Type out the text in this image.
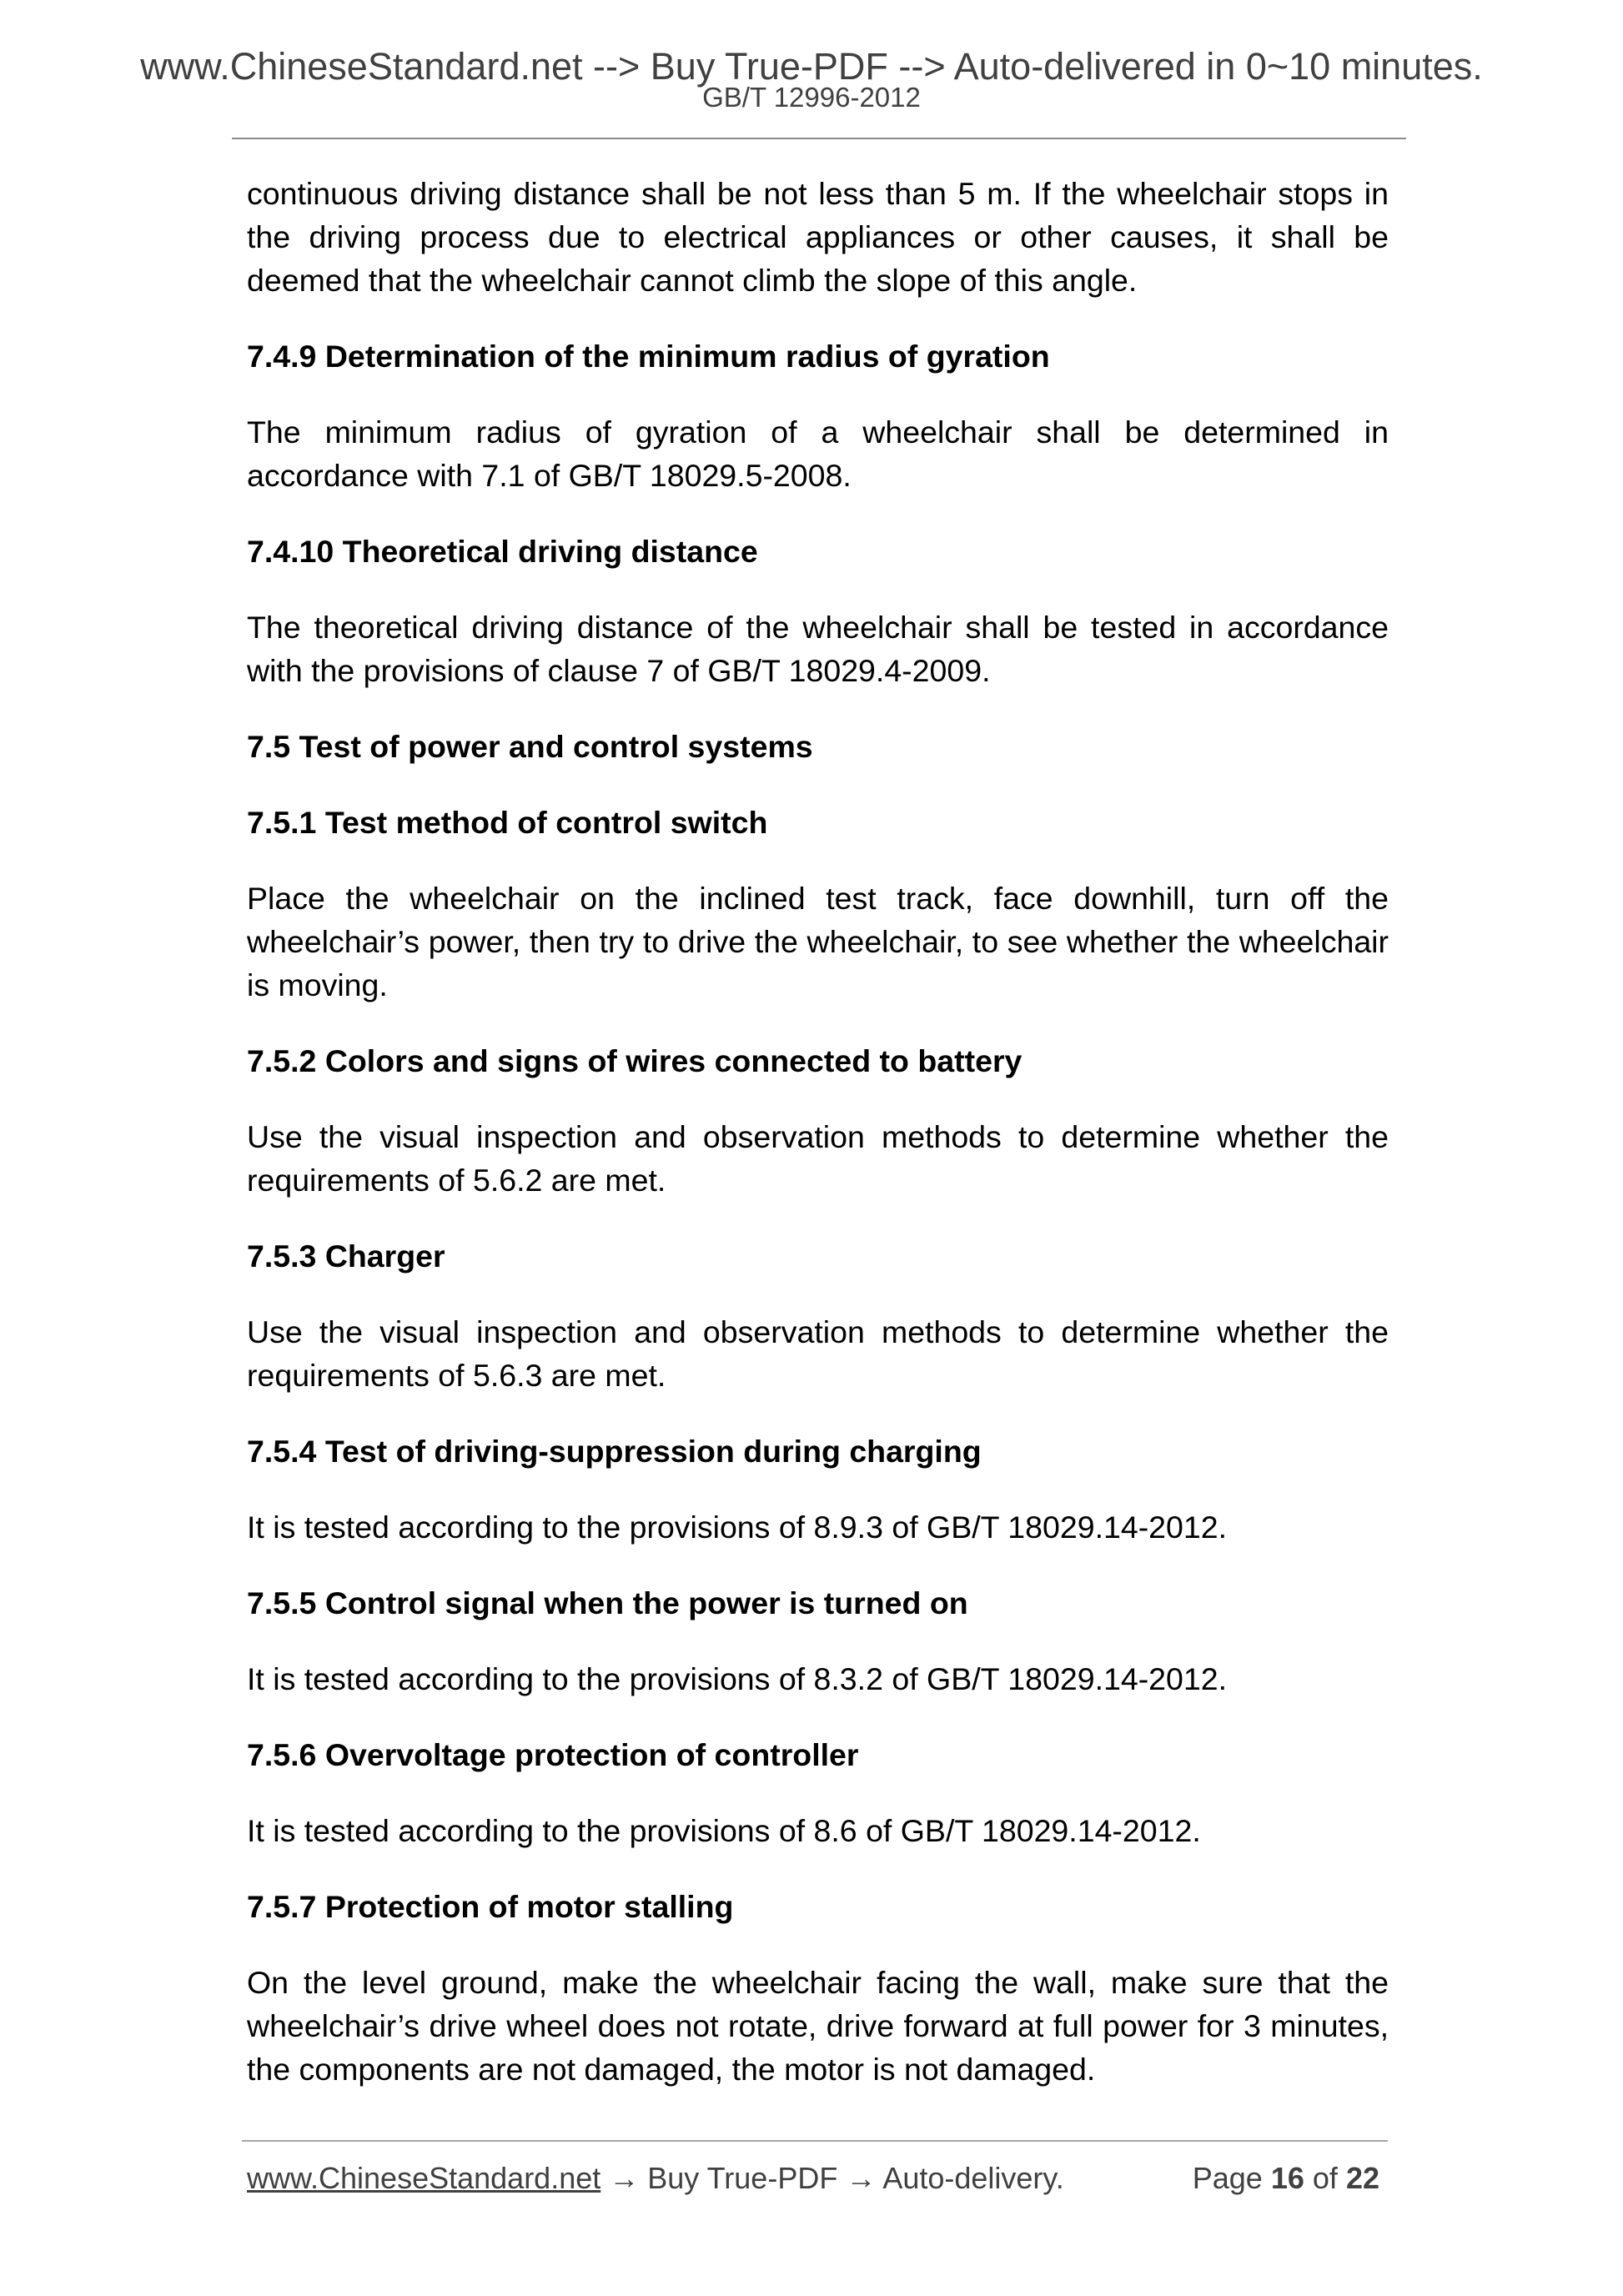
www.ChineseStandard.net --> Buy True-PDF --> Auto-delivered in 0~10 minutes.
GB/T 12996-2012

continuous driving distance shall be not less than 5 m. If the wheelchair stops in the driving process due to electrical appliances or other causes, it shall be deemed that the wheelchair cannot climb the slope of this angle.

7.4.9 Determination of the minimum radius of gyration

The minimum radius of gyration of a wheelchair shall be determined in accordance with 7.1 of GB/T 18029.5-2008.

7.4.10 Theoretical driving distance

The theoretical driving distance of the wheelchair shall be tested in accordance with the provisions of clause 7 of GB/T 18029.4-2009.

7.5 Test of power and control systems

7.5.1 Test method of control switch

Place the wheelchair on the inclined test track, face downhill, turn off the wheelchair’s power, then try to drive the wheelchair, to see whether the wheelchair is moving.

7.5.2 Colors and signs of wires connected to battery

Use the visual inspection and observation methods to determine whether the requirements of 5.6.2 are met.

7.5.3 Charger

Use the visual inspection and observation methods to determine whether the requirements of 5.6.3 are met.

7.5.4 Test of driving-suppression during charging

It is tested according to the provisions of 8.9.3 of GB/T 18029.14-2012.

7.5.5 Control signal when the power is turned on

It is tested according to the provisions of 8.3.2 of GB/T 18029.14-2012.

7.5.6 Overvoltage protection of controller

It is tested according to the provisions of 8.6 of GB/T 18029.14-2012.

7.5.7 Protection of motor stalling

On the level ground, make the wheelchair facing the wall, make sure that the wheelchair’s drive wheel does not rotate, drive forward at full power for 3 minutes, the components are not damaged, the motor is not damaged.

www.ChineseStandard.net → Buy True-PDF → Auto-delivery.	Page 16 of 22
